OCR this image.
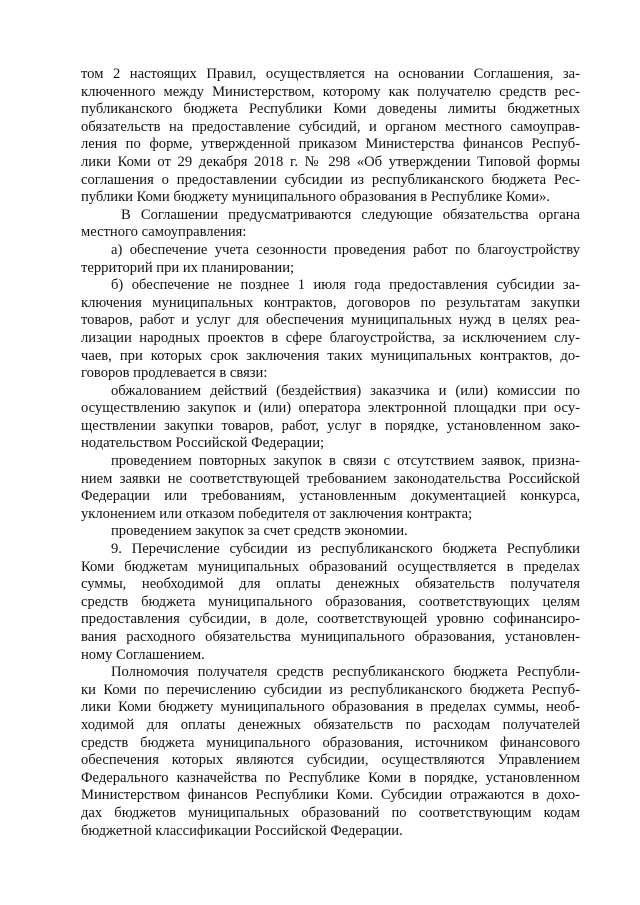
том 2 настоящих Правил, осуществляется на основании Соглашения, за-
ключенного между Министерством, которому как получателю средств рес-
публиканского бюджета Республики Коми доведены лимиты бюджетных
обязательств на предоставление субсидий, и органом местного самоуправ-
ления по форме, утвержденной приказом Министерства финансов Респуб-
лики Коми от 29 декабря 2018 г. № 298 «Об утверждении Типовой формы
соглашения о предоставлении субсидии из республиканского бюджета Рес-
публики Коми бюджету муниципального образования в Республике Коми».
В Соглашении предусматриваются следующие обязательства органа
местного самоуправления:
а) обеспечение учета сезонности проведения работ по благоустройству
территорий при их планировании;
б) обеспечение не позднее 1 июля года предоставления субсидии за-
ключения муниципальных контрактов, договоров по результатам закупки
товаров, работ и услуг для обеспечения муниципальных нужд в целях реа-
лизации народных проектов в сфере благоустройства, за исключением слу-
чаев, при которых срок заключения таких муниципальных контрактов, до-
говоров продлевается в связи:
обжалованием действий (бездействия) заказчика и (или) комиссии по
осуществлению закупок и (или) оператора электронной площадки при осу-
ществлении закупки товаров, работ, услуг в порядке, установленном зако-
нодательством Российской Федерации;
проведением повторных закупок в связи с отсутствием заявок, призна-
нием заявки не соответствующей требованием законодательства Российской
Федерации или требованиям, установленным документацией конкурса,
уклонением или отказом победителя от заключения контракта;
проведением закупок за счет средств экономии.
9. Перечисление субсидии из республиканского бюджета Республики
Коми бюджетам муниципальных образований осуществляется в пределах
суммы, необходимой для оплаты денежных обязательств получателя
средств бюджета муниципального образования, соответствующих целям
предоставления субсидии, в доле, соответствующей уровню софинансиро-
вания расходного обязательства муниципального образования, установлен-
ному Соглашением.
Полномочия получателя средств республиканского бюджета Республи-
ки Коми по перечислению субсидии из республиканского бюджета Респуб-
лики Коми бюджету муниципального образования в пределах суммы, необ-
ходимой для оплаты денежных обязательств по расходам получателей
средств бюджета муниципального образования, источником финансового
обеспечения которых являются субсидии, осуществляются Управлением
Федерального казначейства по Республике Коми в порядке, установленном
Министерством финансов Республики Коми. Субсидии отражаются в дохо-
дах бюджетов муниципальных образований по соответствующим кодам
бюджетной классификации Российской Федерации.
